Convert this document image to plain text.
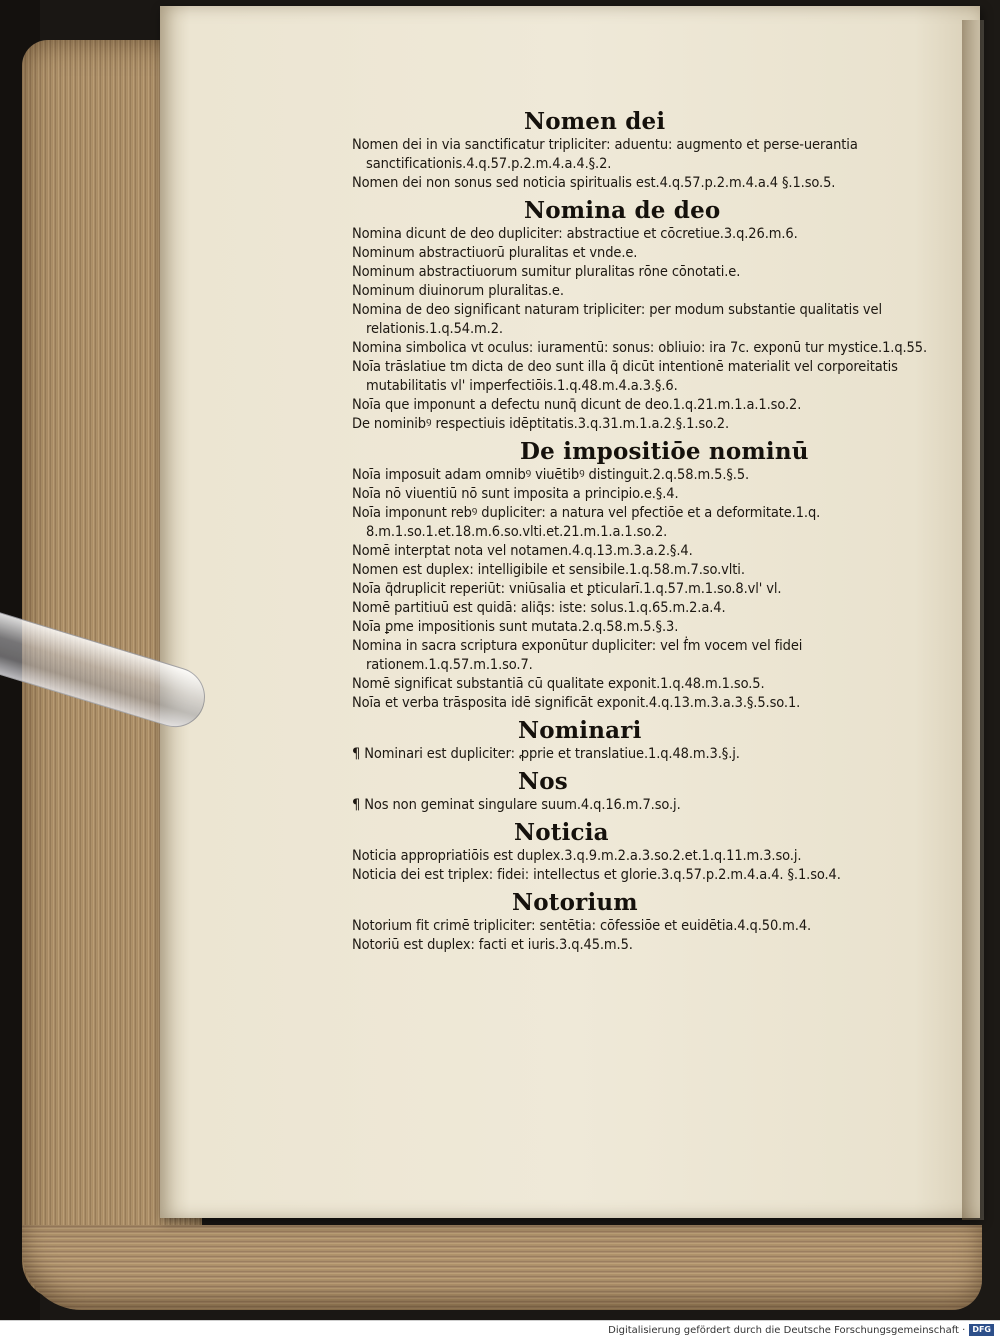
Nomen dei

Nomen dei in via sanctificatur tripliciter: aduentu: augmento et perse-uerantia sanctificationis.4.q.57.p.2.m.4.a.4.§.2.

Nomen dei non sonus sed noticia spiritualis est.4.q.57.p.2.m.4.a.4 §.1.so.5.

Nomina de deo

Nomina dicunt de deo dupliciter: abstractiue et cōcretiue.3.q.26.m.6.

Nominum abstractiuorū pluralitas et vnde.e.

Nominum abstractiuorum sumitur pluralitas rōne cōnotati.e.

Nominum diuinorum pluralitas.e.

Nomina de deo significant naturam tripliciter: per modum substantie qualitatis vel relationis.1.q.54.m.2.

Nomina simbolica vt oculus: iuramentū: sonus: obliuio: ira 7c. exponū tur mystice.1.q.55.

Noīa trāslatiue tm dicta de deo sunt illa q̄ dicūt intentionē materialit vel corporeitatis mutabilitatis vl' imperfectiōis.1.q.48.m.4.a.3.§.6.

Noīa que imponunt a defectu nunq̄ dicunt de deo.1.q.21.m.1.a.1.so.2.

De nominibꝰ respectiuis idēptitatis.3.q.31.m.1.a.2.§.1.so.2.

De impositiōe nominū

Noīa imposuit adam omnibꝰ viuētibꝰ distinguit.2.q.58.m.5.§.5.

Noīa nō viuentiū nō sunt imposita a principio.e.§.4.

Noīa imponunt rebꝰ dupliciter: a natura vel pfectiōe et a deformitate.1.q. 8.m.1.so.1.et.18.m.6.so.vlti.et.21.m.1.a.1.so.2.

Nomē interptat nota vel notamen.4.q.13.m.3.a.2.§.4.

Nomen est duplex: intelligibile et sensibile.1.q.58.m.7.so.vlti.

Noīa q̄druplicit reperiūt: vniūsalia et ꝑticularī.1.q.57.m.1.so.8.vl' vl.

Nomē partitiuū est quidā: aliq̄s: iste: solus.1.q.65.m.2.a.4.

Noīa ꝑme impositionis sunt mutata.2.q.58.m.5.§.3.

Nomina in sacra scriptura exponūtur dupliciter: vel ḟm vocem vel fidei rationem.1.q.57.m.1.so.7.

Nomē significat substantiā cū qualitate exponit.1.q.48.m.1.so.5.

Noīa et verba trāsposita idē significāt exponit.4.q.13.m.3.a.3.§.5.so.1.

Nominari

¶ Nominari est dupliciter: ꝓprie et translatiue.1.q.48.m.3.§.j.

Nos

¶ Nos non geminat singulare suum.4.q.16.m.7.so.j.

Noticia

Noticia appropriatiōis est duplex.3.q.9.m.2.a.3.so.2.et.1.q.11.m.3.so.j.

Noticia dei est triplex: fidei: intellectus et glorie.3.q.57.p.2.m.4.a.4. §.1.so.4.

Notorium

Notorium fit crimē tripliciter: sentētia: cōfessiōe et euidētia.4.q.50.m.4.

Notoriū est duplex: facti et iuris.3.q.45.m.5.

Digitalisierung gefördert durch die Deutsche Forschungsgemeinschaft · DFG
